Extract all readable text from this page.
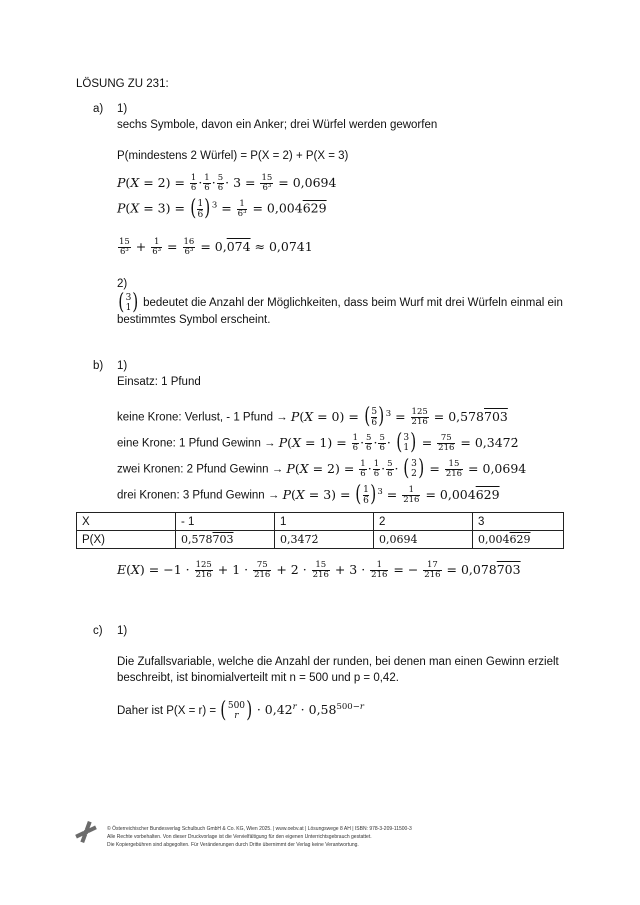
LÖSUNG ZU 231:
a) 1)
sechs Symbole, davon ein Anker; drei Würfel werden geworfen
P(mindestens 2 Würfel) = P(X = 2) + P(X = 3)
$P(X = 2) = \frac{1}{6} \cdot \frac{1}{6} \cdot \frac{5}{6} \cdot 3 = \frac{15}{\text{6³}}$ = 0,0694̇
P(X = 3) = ( 1
6 ) $^3 = \frac{1}{\text{6³}} = 0,004629$
$\frac{15}{\text{6³}} + \frac{1}{\text{6³}} = \frac{16}{\text{6³}} = 0,074 \approx 0,0741$
2)
( 3
1 ) bedeutet die Anzahl der Möglichkeiten, dass beim Wurf mit drei Würfeln einmal ein
bestimmtes Symbol erscheint.
b) 1)
Einsatz: 1 Pfund
keine Krone: Verlust, - 1 Pfund → P(X = 0) = ( 5
6 ) $^3 = \frac{125}{216} = 0,578703$
eine Krone: 1 Pfund Gewinn → $P(X = 1) = \frac{1}{6} \cdot \frac{5}{6} \cdot \frac{5}{6}$ · ( 3
1 ) = $\frac{75}{216}$ = 0,3472̇
zwei Kronen: 2 Pfund Gewinn → $P(X = 2) = \frac{1}{6} \cdot \frac{1}{6} \cdot \frac{5}{6}$ · ( 3
2 ) = $\frac{15}{216}$ = 0,0694̇
drei Kronen: 3 Pfund Gewinn → P(X = 3) = ( 1
6 ) $^3 = \frac{1}{216} = 0,004629$
X	- 1	1	2	3
P(X)	0,578703	0,3472̇	0,0694̇	0,004629
$E(X) = -1 \cdot \frac{125}{216} + 1 \cdot \frac{75}{216} + 2 \cdot \frac{15}{216} + 3 \cdot \frac{1}{216}$ = − $\frac{17}{216} = 0,078703$
c) 1)
Die Zufallsvariable, welche die Anzahl der runden, bei denen man einen Gewinn erzielt
beschreibt, ist binomialverteilt mit n = 500 und p = 0,42.
Daher ist P(X = r) = ( 500
r ) · $0,42^r \cdot 0,58^{500-r}$
© Österreichischer Bundesverlag Schulbuch GmbH & Co. KG, Wien 2025. | www.oebv.at | Lösungswege 8 AH | ISBN: 978-3-209-11500-3
Alle Rechte vorbehalten. Von dieser Druckvorlage ist die Vervielfältigung für den eigenen Unterrichtsgebrauch gestattet.
Die Kopiergebühren sind abgegolten. Für Veränderungen durch Dritte übernimmt der Verlag keine Verantwortung.
